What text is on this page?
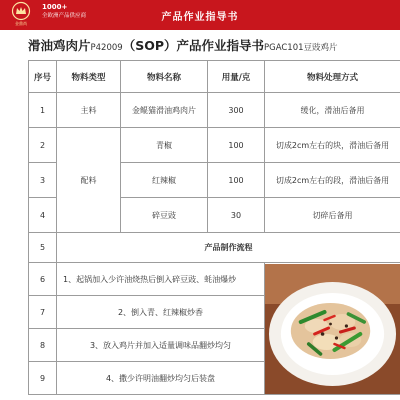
金鼎尚
1000+
全欧洲产品供应商	产品作业指导书
滑油鸡肉片P42009（SOP）产品作业指导书PGAC101豆豉鸡片
序号	物料类型	物料名称	用量/克	物料处理方式
1	主料	金鲲猫滑油鸡肉片	300	缓化，滑油后备用
2	配料	青椒	100	切成2cm左右的块，滑油后备用
3		红辣椒	100	切成2cm左右的段，滑油后备用
4		碎豆豉	30	切碎后备用
5	产品制作流程			
6	1、起锅加入少许油烧热后倒入碎豆豉、蚝油爆炒	

7	2、倒入青、红辣椒炒香			
8	3、放入鸡片并加入适量调味品翻炒均匀			
9	4、撒少许明油翻炒均匀后装盘			
